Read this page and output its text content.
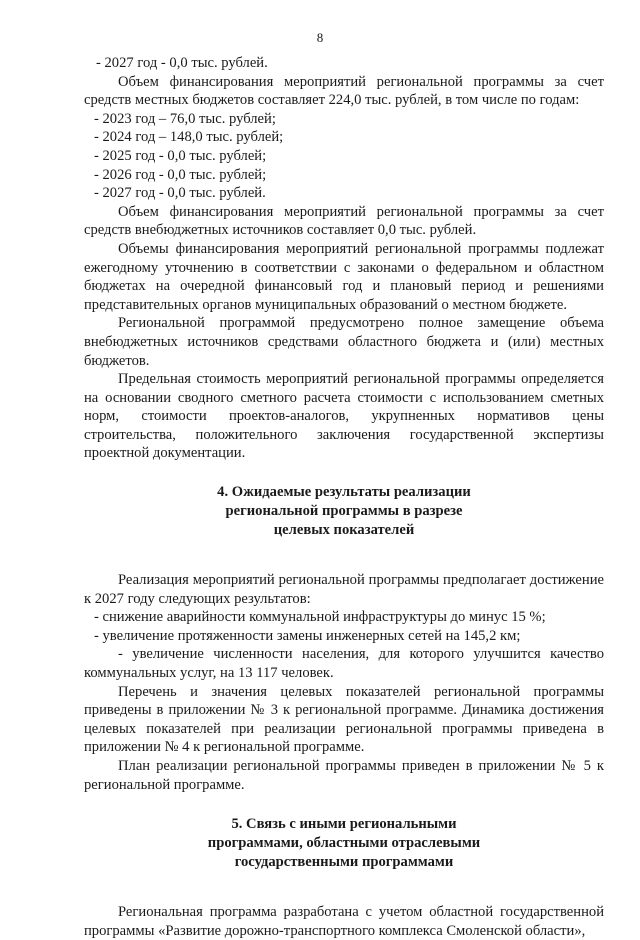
8

- 2027 год - 0,0 тыс. рублей.

Объем финансирования мероприятий региональной программы за счет средств местных бюджетов составляет 224,0 тыс. рублей, в том числе по годам:

- 2023 год – 76,0 тыс. рублей;

- 2024 год – 148,0 тыс. рублей;

- 2025 год - 0,0 тыс. рублей;

- 2026 год - 0,0 тыс. рублей;

- 2027 год - 0,0 тыс. рублей.

Объем финансирования мероприятий региональной программы за счет средств внебюджетных источников составляет 0,0 тыс. рублей.

Объемы финансирования мероприятий региональной программы подлежат ежегодному уточнению в соответствии с законами о федеральном и областном бюджетах на очередной финансовый год и плановый период и решениями представительных органов муниципальных образований о местном бюджете.

Региональной программой предусмотрено полное замещение объема внебюджетных источников средствами областного бюджета и (или) местных бюджетов.

Предельная стоимость мероприятий региональной программы определяется на основании сводного сметного расчета стоимости с использованием сметных норм, стоимости проектов-аналогов, укрупненных нормативов цены строительства, положительного заключения государственной экспертизы проектной документации.

4. Ожидаемые результаты реализации

региональной программы в разрезе

целевых показателей

Реализация мероприятий региональной программы предполагает достижение к 2027 году следующих результатов:

- снижение аварийности коммунальной инфраструктуры до минус 15 %;

- увеличение протяженности замены инженерных сетей на 145,2 км;

- увеличение численности населения, для которого улучшится качество коммунальных услуг, на 13 117 человек.

Перечень и значения целевых показателей региональной программы приведены в приложении № 3 к региональной программе. Динамика достижения целевых показателей при реализации региональной программы приведена в приложении № 4 к региональной программе.

План реализации региональной программы приведен в приложении № 5 к региональной программе.

5. Связь с иными региональными

программами, областными отраслевыми

государственными программами

Региональная программа разработана с учетом областной государственной программы «Развитие дорожно-транспортного комплекса Смоленской области»,
